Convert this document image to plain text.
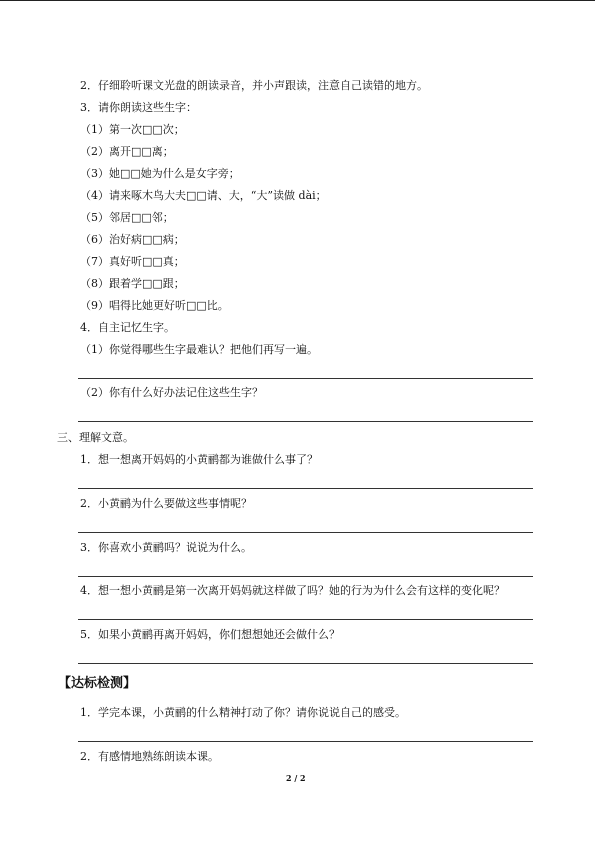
2．仔细聆听课文光盘的朗读录音，并小声跟读，注意自己读错的地方。
3．请你朗读这些生字：
（1）第一次□□次；
（2）离开□□离；
（3）她□□她为什么是女字旁；
（4）请来啄木鸟大夫□□请、大，“大”读做 dài；
（5）邻居□□邻；
（6）治好病□□病；
（7）真好听□□真；
（8）跟着学□□跟；
（9）唱得比她更好听□□比。
4．自主记忆生字。
（1）你觉得哪些生字最难认？把他们再写一遍。
（2）你有什么好办法记住这些生字？
三、理解文意。
1．想一想离开妈妈的小黄鹂都为谁做什么事了？
2．小黄鹂为什么要做这些事情呢？
3．你喜欢小黄鹂吗？说说为什么。
4．想一想小黄鹂是第一次离开妈妈就这样做了吗？她的行为为什么会有这样的变化呢？
5．如果小黄鹂再离开妈妈，你们想想她还会做什么？
【达标检测】
1．学完本课，小黄鹂的什么精神打动了你？请你说说自己的感受。
2．有感情地熟练朗读本课。
2 / 2
